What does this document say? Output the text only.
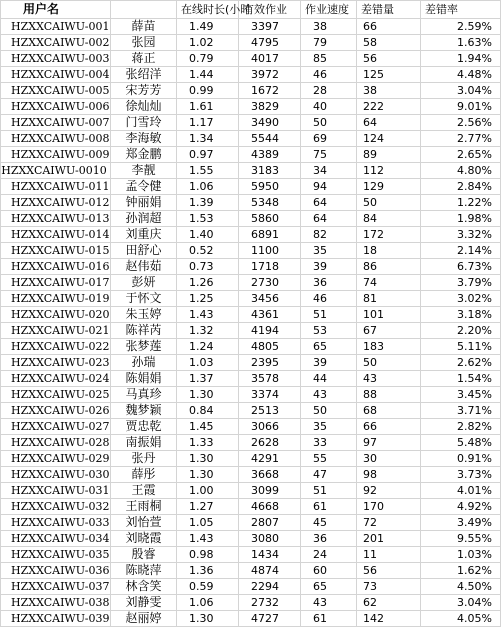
用户名		在线时长(小时	有效作业	作业速度	差错量	差错率
HZXXCAIWU-001	薛苗	1.49	3397	38	66	2.59%
HZXXCAIWU-002	张园	1.02	4795	79	58	1.63%
HZXXCAIWU-003	蒋正	0.79	4017	85	56	1.94%
HZXXCAIWU-004	张绍洋	1.44	3972	46	125	4.48%
HZXXCAIWU-005	宋芳芳	0.99	1672	28	38	3.04%
HZXXCAIWU-006	徐灿灿	1.61	3829	40	222	9.01%
HZXXCAIWU-007	门雪玲	1.17	3490	50	64	2.56%
HZXXCAIWU-008	李海敏	1.34	5544	69	124	2.77%
HZXXCAIWU-009	郑金鹏	0.97	4389	75	89	2.65%
HZXXCAIWU-0010	李靓	1.55	3183	34	112	4.80%
HZXXCAIWU-011	孟令健	1.06	5950	94	129	2.84%
HZXXCAIWU-012	钟丽娟	1.39	5348	64	50	1.22%
HZXXCAIWU-013	孙润超	1.53	5860	64	84	1.98%
HZXXCAIWU-014	刘重庆	1.40	6891	82	172	3.32%
HZXXCAIWU-015	田舒心	0.52	1100	35	18	2.14%
HZXXCAIWU-016	赵伟茹	0.73	1718	39	86	6.73%
HZXXCAIWU-017	彭妍	1.26	2730	36	74	3.79%
HZXXCAIWU-019	于怀文	1.25	3456	46	81	3.02%
HZXXCAIWU-020	朱玉婷	1.43	4361	51	101	3.18%
HZXXCAIWU-021	陈祥芮	1.32	4194	53	67	2.20%
HZXXCAIWU-022	张梦莲	1.24	4805	65	183	5.11%
HZXXCAIWU-023	孙瑞	1.03	2395	39	50	2.62%
HZXXCAIWU-024	陈娟娟	1.37	3578	44	43	1.54%
HZXXCAIWU-025	马真珍	1.30	3374	43	88	3.45%
HZXXCAIWU-026	魏梦颖	0.84	2513	50	68	3.71%
HZXXCAIWU-027	贾忠乾	1.45	3066	35	66	2.82%
HZXXCAIWU-028	南振娟	1.33	2628	33	97	5.48%
HZXXCAIWU-029	张丹	1.30	4291	55	30	0.91%
HZXXCAIWU-030	薛彤	1.30	3668	47	98	3.73%
HZXXCAIWU-031	王霞	1.00	3099	51	92	4.01%
HZXXCAIWU-032	王雨桐	1.27	4668	61	170	4.92%
HZXXCAIWU-033	刘怡萱	1.05	2807	45	72	3.49%
HZXXCAIWU-034	刘晓霞	1.43	3080	36	201	9.55%
HZXXCAIWU-035	殷睿	0.98	1434	24	11	1.03%
HZXXCAIWU-036	陈晓萍	1.36	4874	60	56	1.62%
HZXXCAIWU-037	林含笑	0.59	2294	65	73	4.50%
HZXXCAIWU-038	刘静雯	1.06	2732	43	62	3.04%
HZXXCAIWU-039	赵丽婷	1.30	4727	61	142	4.05%
